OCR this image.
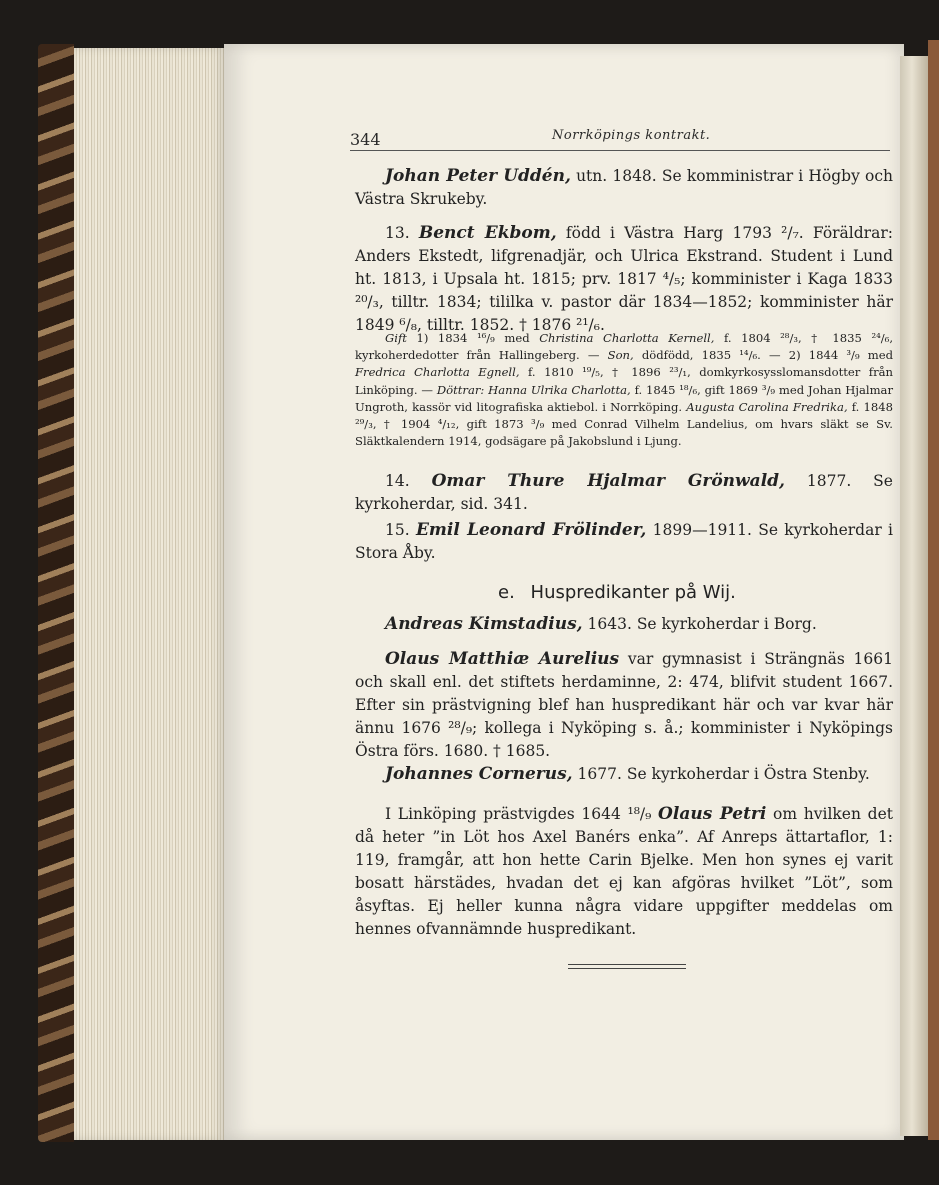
344	Norrköpings kontrakt.
Johan Peter Uddén, utn. 1848. Se komministrar i Högby och Västra Skrukeby.
13. Benct Ekbom, född i Västra Harg 1793 ²/₇. Föräldrar: Anders Ekstedt, lifgrenadjär, och Ulrica Ekstrand. Student i Lund ht. 1813, i Upsala ht. 1815; prv. 1817 ⁴/₅; komminister i Kaga 1833 ²⁰/₃, tilltr. 1834; tililka v. pastor där 1834—1852; komminister här 1849 ⁶/₈, tilltr. 1852. † 1876 ²¹/₆.
Gift 1) 1834 ¹⁶/₉ med Christina Charlotta Kernell, f. 1804 ²⁸/₃, † 1835 ²⁴/₆, kyrkoherdedotter från Hallingeberg. — Son, dödfödd, 1835 ¹⁴/₆. — 2) 1844 ³/₉ med Fredrica Charlotta Egnell, f. 1810 ¹⁹/₅, † 1896 ²³/₁, domkyrkosysslomansdotter från Linköping. — Döttrar: Hanna Ulrika Charlotta, f. 1845 ¹⁸/₆, gift 1869 ³/₉ med Johan Hjalmar Ungroth, kassör vid litografiska aktiebol. i Norrköping. Augusta Carolina Fredrika, f. 1848 ²⁹/₃, † 1904 ⁴/₁₂, gift 1873 ³/₉ med Conrad Vilhelm Landelius, om hvars släkt se Sv. Släktkalendern 1914, godsägare på Jakobslund i Ljung.
14. Omar Thure Hjalmar Grönwald, 1877. Se kyrkoherdar, sid. 341.
15. Emil Leonard Frölinder, 1899—1911. Se kyrkoherdar i Stora Åby.
e. Huspredikanter på Wij.
Andreas Kimstadius, 1643. Se kyrkoherdar i Borg.
Olaus Matthiæ Aurelius var gymnasist i Strängnäs 1661 och skall enl. det stiftets herdaminne, 2: 474, blifvit student 1667. Efter sin prästvigning blef han huspredikant här och var kvar här ännu 1676 ²⁸/₉; kollega i Nyköping s. å.; komminister i Nyköpings Östra förs. 1680. † 1685.
Johannes Cornerus, 1677. Se kyrkoherdar i Östra Stenby.
I Linköping prästvigdes 1644 ¹⁸/₉ Olaus Petri om hvilken det då heter ”in Löt hos Axel Banérs enka”. Af Anreps ättartaflor, 1: 119, framgår, att hon hette Carin Bjelke. Men hon synes ej varit bosatt härstädes, hvadan det ej kan afgöras hvilket ”Löt”, som åsyftas. Ej heller kunna några vidare uppgifter meddelas om hennes ofvannämnde huspredikant.
